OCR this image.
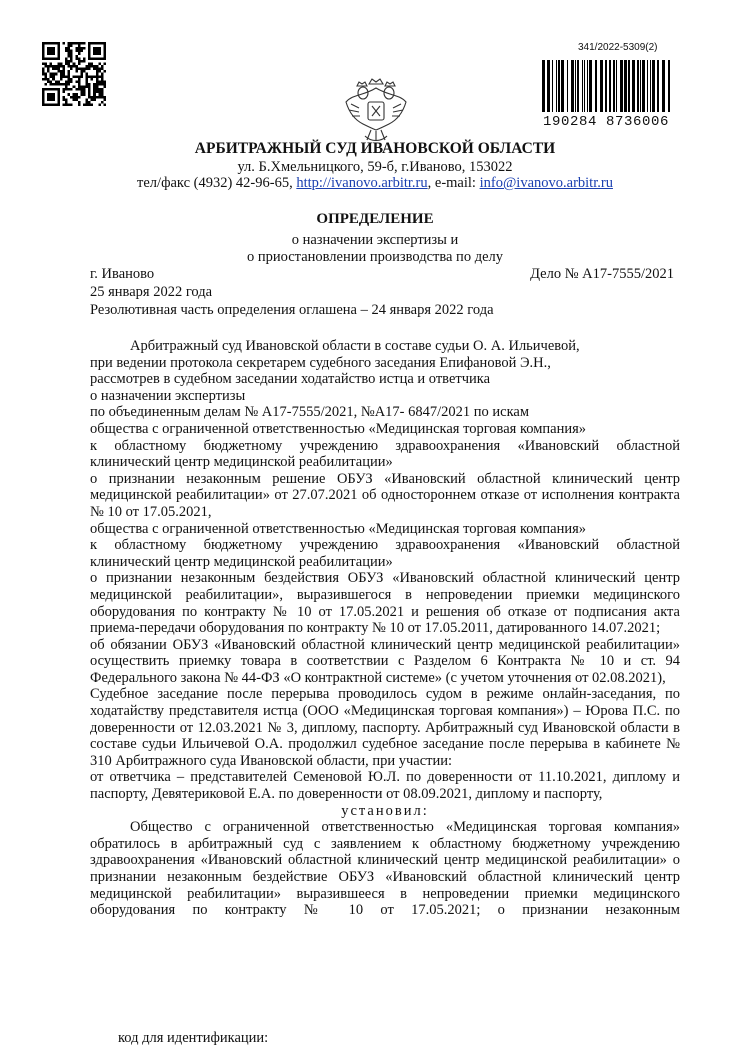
341/2022-5309(2)
190284 8736006
АРБИТРАЖНЫЙ СУД ИВАНОВСКОЙ ОБЛАСТИ
ул. Б.Хмельницкого, 59-б, г.Иваново, 153022
тел/факс (4932) 42-96-65, http://ivanovo.arbitr.ru, e-mail: info@ivanovo.arbitr.ru
ОПРЕДЕЛЕНИЕ
о назначении экспертизы и
о приостановлении производства по делу
г. Иваново	Дело № А17-7555/2021
25 января 2022 года
Резолютивная часть определения оглашена – 24 января 2022 года

Арбитражный суд Ивановской области в составе судьи О. А. Ильичевой,

при ведении протокола секретарем судебного заседания Епифановой Э.Н.,

рассмотрев в судебном заседании ходатайство истца и ответчика

о назначении экспертизы

по объединенным делам № А17-7555/2021, №А17- 6847/2021 по искам

общества с ограниченной ответственностью «Медицинская торговая компания»

к областному бюджетному учреждению здравоохранения «Ивановский областной клинический центр медицинской реабилитации»

о признании незаконным решение ОБУЗ «Ивановский областной клинический центр медицинской реабилитации» от 27.07.2021 об одностороннем отказе от исполнения контракта № 10 от 17.05.2021,

общества с ограниченной ответственностью «Медицинская торговая компания»

к областному бюджетному учреждению здравоохранения «Ивановский областной клинический центр медицинской реабилитации»

о признании незаконным бездействия ОБУЗ «Ивановский областной клинический центр медицинской реабилитации», выразившегося в непроведении приемки медицинского оборудования по контракту № 10 от 17.05.2021 и решения об отказе от подписания акта приема-передачи оборудования по контракту № 10 от 17.05.2011, датированного 14.07.2021;

об обязании ОБУЗ «Ивановский областной клинический центр медицинской реабилитации» осуществить приемку товара в соответствии с Разделом 6 Контракта № 10 и ст. 94 Федерального закона № 44-ФЗ «О контрактной системе» (с учетом уточнения от 02.08.2021),

Судебное заседание после перерыва проводилось судом в режиме онлайн-заседания, по ходатайству представителя истца (ООО «Медицинская торговая компания») – Юрова П.С. по доверенности от 12.03.2021 № 3, диплому, паспорту. Арбитражный суд Ивановской области в составе судьи Ильичевой О.А. продолжил судебное заседание после перерыва в кабинете № 310 Арбитражного суда Ивановской области, при участии:

от ответчика – представителей Семеновой Ю.Л. по доверенности от 11.10.2021, диплому и паспорту, Девятериковой Е.А. по доверенности от 08.09.2021, диплому и паспорту,

установил:

Общество с ограниченной ответственностью «Медицинская торговая компания» обратилось в арбитражный суд с заявлением к областному бюджетному учреждению здравоохранения «Ивановский областной клинический центр медицинской реабилитации» о признании незаконным бездействие ОБУЗ «Ивановский областной клинический центр медицинской реабилитации» выразившееся в непроведении приемки медицинского оборудования по контракту № 10 от 17.05.2021; о признании незаконным

код для идентификации:
